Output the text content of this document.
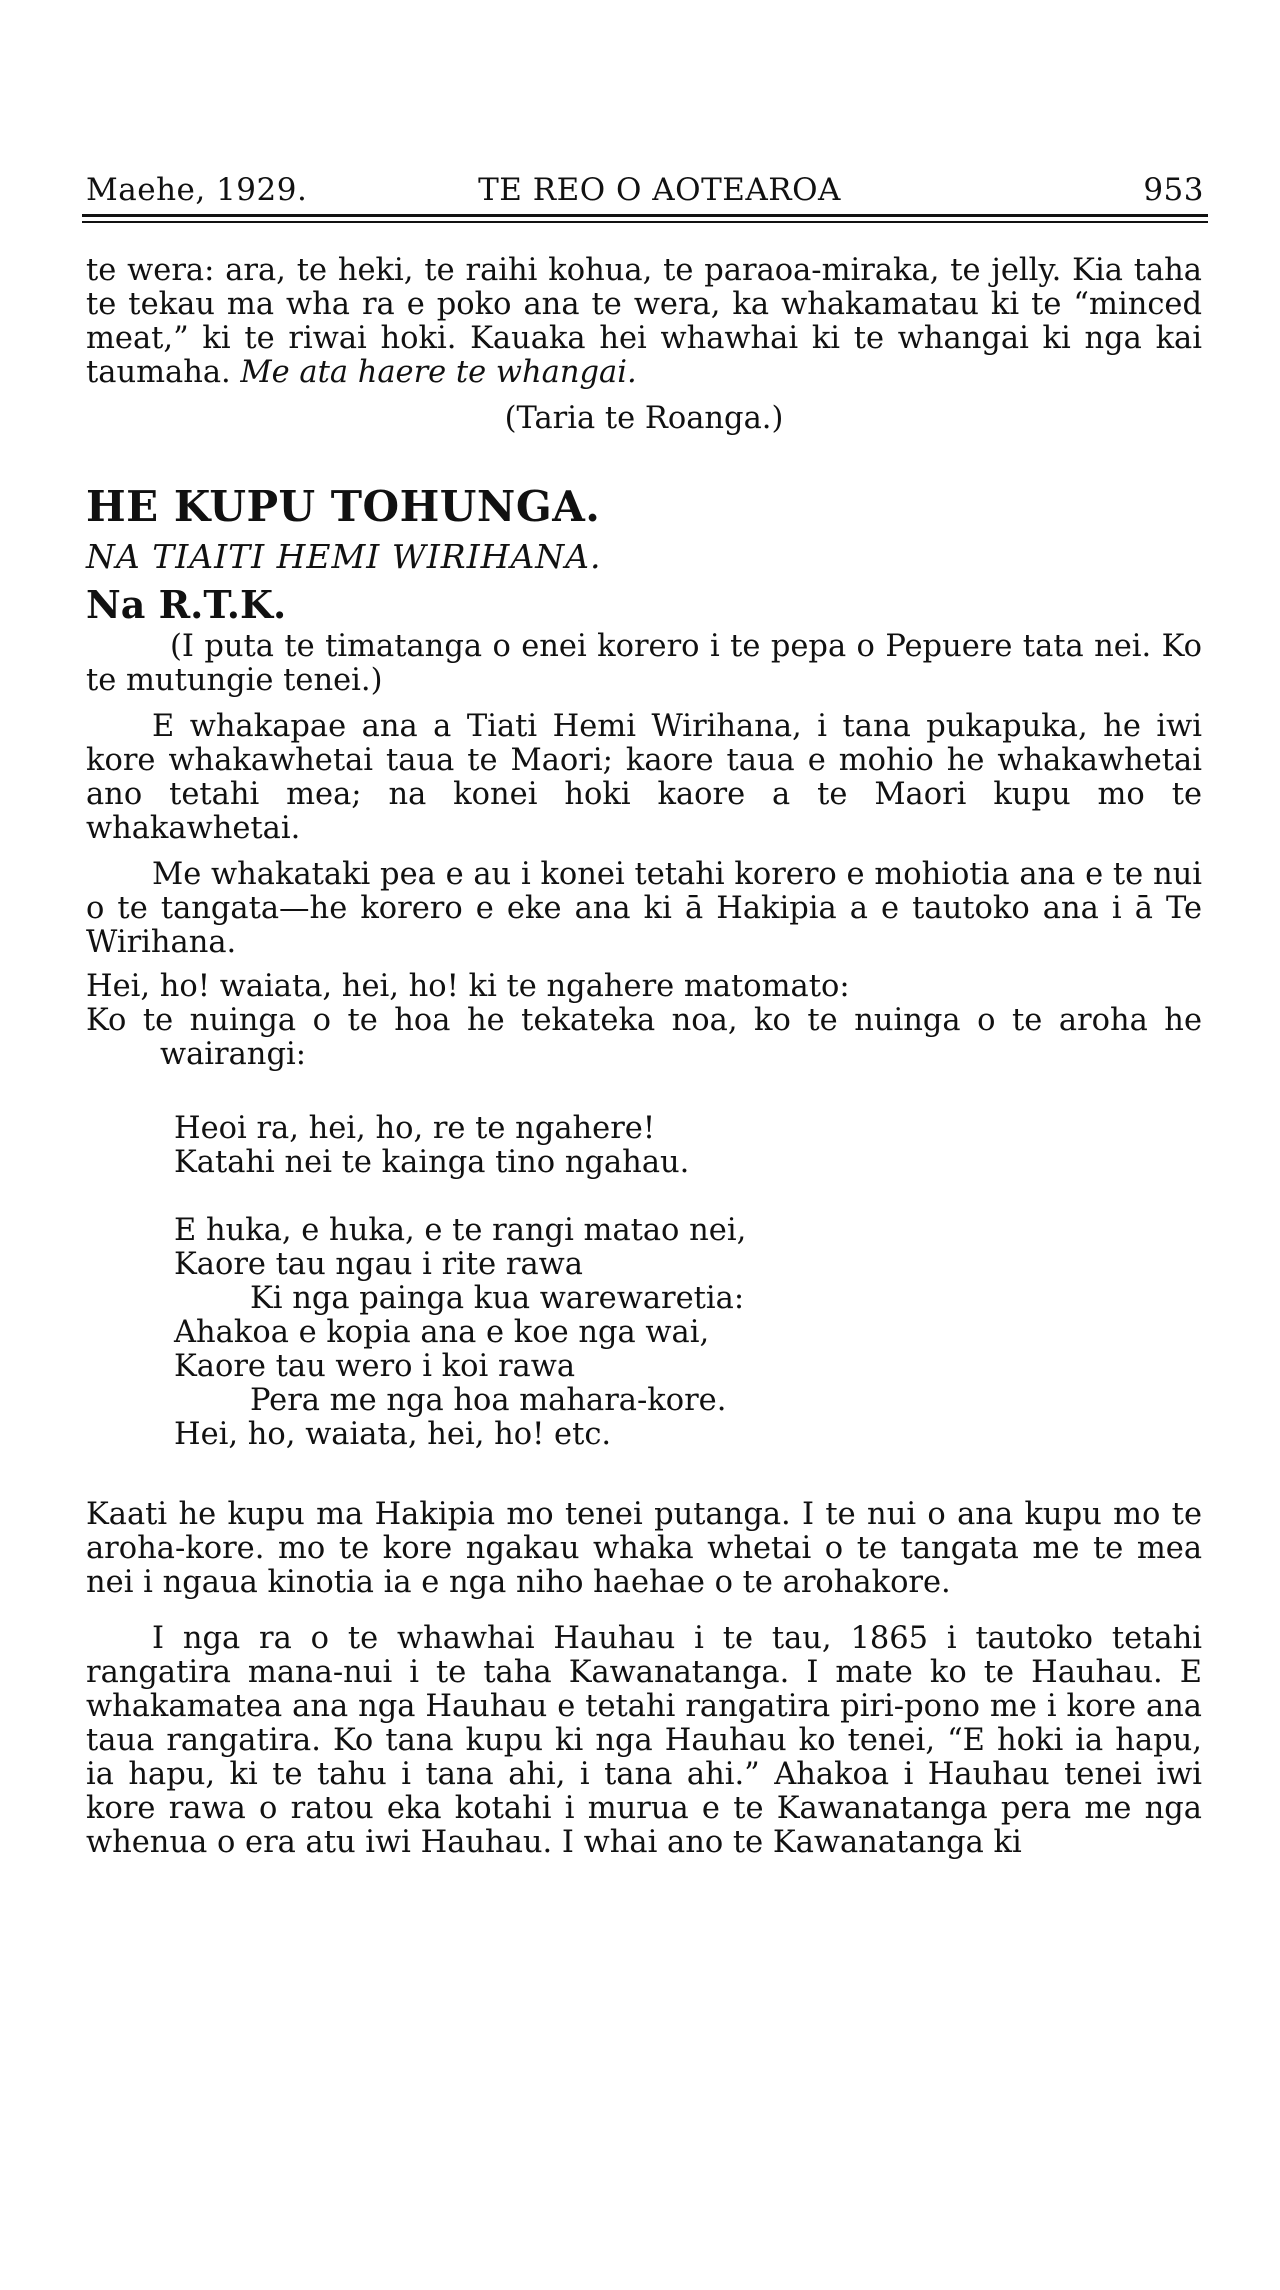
Maehe, 1929.	TE REO O AOTEAROA	953

te wera: ara, te heki, te raihi kohua, te paraoa-miraka, te jelly. Kia taha te tekau ma wha ra e poko ana te wera, ka whakamatau ki te “minced meat,” ki te riwai hoki. Kauaka hei whawhai ki te whangai ki nga kai taumaha. Me ata haere te whangai.

(Taria te Roanga.)

HE KUPU TOHUNGA.

NA TIAITI HEMI WIRIHANA.

Na R.T.K.

(I puta te timatanga o enei korero i te pepa o Pepuere tata nei. Ko te mutungie tenei.)

E whakapae ana a Tiati Hemi Wirihana, i tana pukapuka, he iwi kore whakawhetai taua te Maori; kaore taua e mohio he whakawhetai ano tetahi mea; na konei hoki kaore a te Maori kupu mo te whakawhetai.

Me whakataki pea e au i konei tetahi korero e mohiotia ana e te nui o te tangata—he korero e eke ana ki ā Hakipia a e tautoko ana i ā Te Wirihana.

Hei, ho! waiata, hei, ho! ki te ngahere matomato:

Ko te nuinga o te hoa he tekateka noa, ko te nuinga o te aroha he wairangi:

Heoi ra, hei, ho, re te ngahere!

Katahi nei te kainga tino ngahau.

E huka, e huka, e te rangi matao nei,

Kaore tau ngau i rite rawa

Ki nga painga kua warewaretia:

Ahakoa e kopia ana e koe nga wai,

Kaore tau wero i koi rawa

Pera me nga hoa mahara-kore.

Hei, ho, waiata, hei, ho! etc.

Kaati he kupu ma Hakipia mo tenei putanga. I te nui o ana kupu mo te aroha-kore. mo te kore ngakau whaka whetai o te tangata me te mea nei i ngaua kinotia ia e nga niho haehae o te arohakore.

I nga ra o te whawhai Hauhau i te tau, 1865 i tautoko tetahi rangatira mana-nui i te taha Kawanatanga. I mate ko te Hauhau. E whakamatea ana nga Hauhau e tetahi rangatira piri-pono me i kore ana taua rangatira. Ko tana kupu ki nga Hauhau ko tenei, “E hoki ia hapu, ia hapu, ki te tahu i tana ahi, i tana ahi.” Ahakoa i Hauhau tenei iwi kore rawa o ratou eka kotahi i murua e te Kawanatanga pera me nga whenua o era atu iwi Hauhau. I whai ano te Kawanatanga ki
